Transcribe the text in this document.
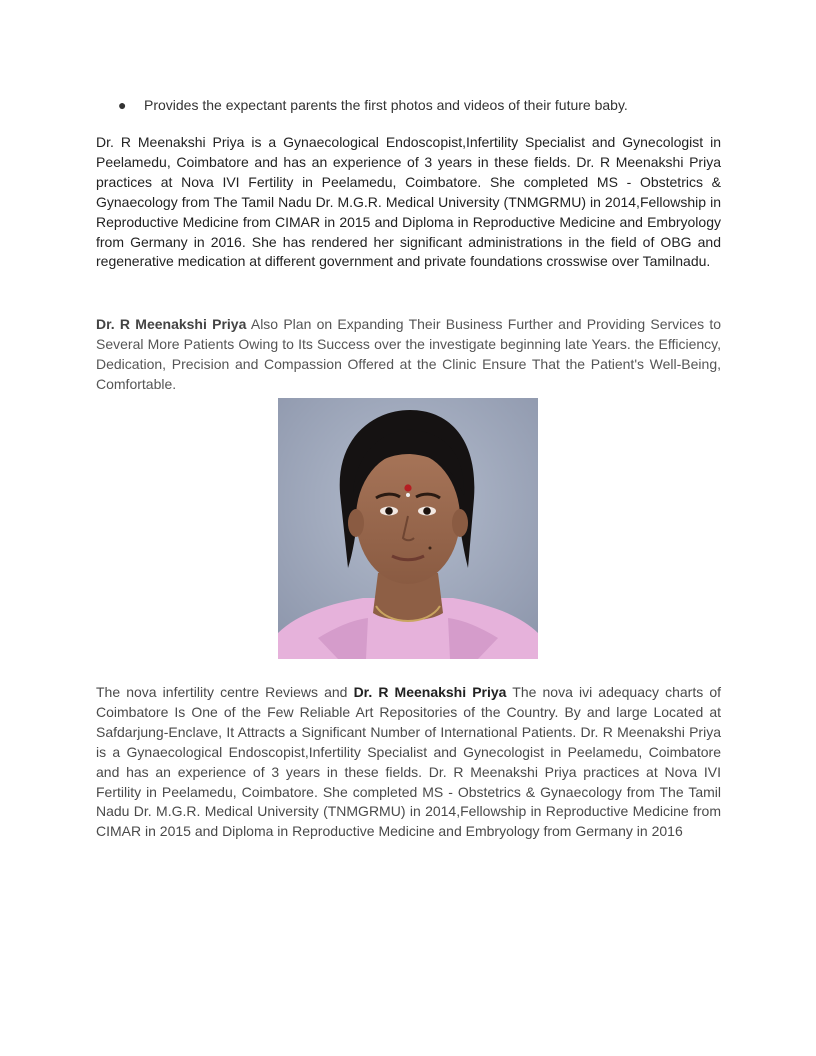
● Provides the expectant parents the first photos and videos of their future baby.

Dr. R Meenakshi Priya is a Gynaecological Endoscopist,Infertility Specialist and Gynecologist in Peelamedu, Coimbatore and has an experience of 3 years in these fields. Dr. R Meenakshi Priya practices at Nova IVI Fertility in Peelamedu, Coimbatore. She completed MS - Obstetrics & Gynaecology from The Tamil Nadu Dr. M.G.R. Medical University (TNMGRMU) in 2014,Fellowship in Reproductive Medicine from CIMAR in 2015 and Diploma in Reproductive Medicine and Embryology from Germany in 2016. She has rendered her significant administrations in the field of OBG and regenerative medication at different government and private foundations crosswise over Tamilnadu.

Dr. R Meenakshi Priya Also Plan on Expanding Their Business Further and Providing Services to Several More Patients Owing to Its Success over the investigate beginning late Years. the Efficiency, Dedication, Precision and Compassion Offered at the Clinic Ensure That the Patient's Well-Being, Comfortable.

The nova infertility centre Reviews and Dr. R Meenakshi Priya The nova ivi adequacy charts of Coimbatore Is One of the Few Reliable Art Repositories of the Country. By and large Located at Safdarjung-Enclave, It Attracts a Significant Number of International Patients. Dr. R Meenakshi Priya is a Gynaecological Endoscopist,Infertility Specialist and Gynecologist in Peelamedu, Coimbatore and has an experience of 3 years in these fields. Dr. R Meenakshi Priya practices at Nova IVI Fertility in Peelamedu, Coimbatore. She completed MS - Obstetrics & Gynaecology from The Tamil Nadu Dr. M.G.R. Medical University (TNMGRMU) in 2014,Fellowship in Reproductive Medicine from CIMAR in 2015 and Diploma in Reproductive Medicine and Embryology from Germany in 2016
